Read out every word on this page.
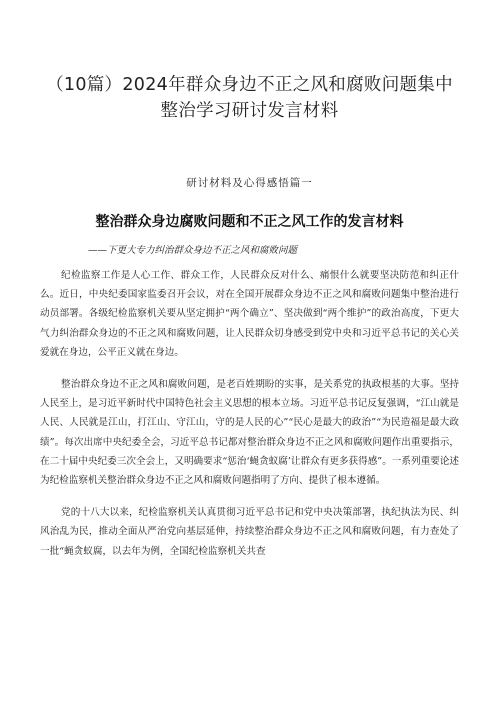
（10篇）2024年群众身边不正之风和腐败问题集中
整治学习研讨发言材料
研讨材料及心得感悟篇一
整治群众身边腐败问题和不正之风工作的发言材料
——下更大专力纠治群众身边不正之风和腐败问题

纪检监察工作是人心工作、群众工作，人民群众反对什么、痛恨什么就要坚决防范和纠正什么。近日，中央纪委国家监委召开会议，对在全国开展群众身边不正之风和腐败问题集中整治进行动员部署。各级纪检监察机关要从坚定拥护“两个确立”、坚决做到“两个维护”的政治高度，下更大气力纠治群众身边的不正之风和腐败问题，让人民群众切身感受到党中央和习近平总书记的关心关爱就在身边，公平正义就在身边。

整治群众身边不正之风和腐败问题，是老百姓期盼的实事，是关系党的执政根基的大事。坚持人民至上，是习近平新时代中国特色社会主义思想的根本立场。习近平总书记反复强调，“江山就是人民、人民就是江山，打江山、守江山，守的是人民的心”“民心是最大的政治”“为民造福是最大政绩”。每次出席中央纪委全会，习近平总书记都对整治群众身边不正之风和腐败问题作出重要指示，在二十届中央纪委三次全会上，又明确要求“惩治‘蝇贪蚁腐’让群众有更多获得感”。一系列重要论述为纪检监察机关整治群众身边不正之风和腐败问题指明了方向、提供了根本遵循。

党的十八大以来，纪检监察机关认真贯彻习近平总书记和党中央决策部署，执纪执法为民、纠风治乱为民，推动全面从严治党向基层延伸，持续整治群众身边不正之风和腐败问题，有力查处了一批“蝇贪蚁腐，以去年为例，全国纪检监察机关共查
